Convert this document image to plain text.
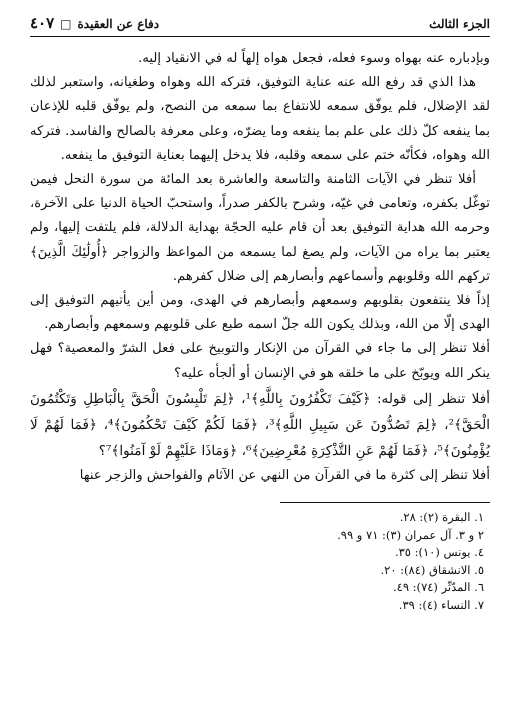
الجزء الثالث
دفاع عن العقيدة
□
٤٠٧

وبإدباره عنه بهواه وسوء فعله، فجعل هواه إلهاً له في الانقياد إليه.

هذا الذي قد رفع الله عنه عناية التوفيق، فتركه الله وهواه وطغيانه، واستعبر لذلك لقد الإضلال، فلم يوفّق سمعه للانتفاع بما سمعه من النصح، ولم يوفّق قلبه للإذعان بما ينفعه كلّ ذلك على علم بما ينفعه وما يضرّه، وعلى معرفة بالصالح والفاسد. فتركه الله وهواه، فكأنّه ختم على سمعه وقلبه، فلا يدخل إليهما بعناية التوفيق ما ينفعه.

أفلا تنظر في الآيات الثامنة والتاسعة والعاشرة بعد المائة من سورة النحل فيمن توغّل بكفره، وتعامى في غيّه، وشرح بالكفر صدراً، واستحبّ الحياة الدنيا على الآخرة، وحرمه الله هداية التوفيق بعد أن قام عليه الحجّة بهداية الدلالة، فلم يلتفت إليها، ولم يعتبر بما يراه من الآيات، ولم يصغ لما يسمعه من المواعظ والزواجر ﴿أُولَٰئِكَ الَّذِينَ﴾ تركهم الله وقلوبهم وأسماعهم وأبصارهم إلى ضلال كفرهم.

إذاً فلا ينتفعون بقلوبهم وسمعهم وأبصارهم في الهدى، ومن أين يأتيهم التوفيق إلى الهدى إلّا من الله، وبذلك يكون الله جلّ اسمه طبع على قلوبهم وسمعهم وأبصارهم.

أفلا تنظر إلى ما جاء في القرآن من الإنكار والتوبيخ على فعل الشرّ والمعصية؟ فهل ينكر الله ويوبّخ على ما خلقه هو في الإنسان أو ألجأه عليه؟

أفلا تنظر إلى قوله: ﴿كَيْفَ تَكْفُرُونَ بِاللَّهِ﴾¹، ﴿لِمَ تَلْبِسُونَ الْحَقَّ بِالْبَاطِلِ وَتَكْتُمُونَ الْحَقَّ﴾²، ﴿لِمَ تَصُدُّونَ عَن سَبِيلِ اللَّهِ﴾³، ﴿فَمَا لَكُمْ كَيْفَ تَحْكُمُونَ﴾⁴، ﴿فَمَا لَهُمْ لَا يُؤْمِنُونَ﴾⁵، ﴿فَمَا لَهُمْ عَنِ التَّذْكِرَةِ مُعْرِضِينَ﴾⁶، ﴿وَمَاذَا عَلَيْهِمْ لَوْ آمَنُوا﴾⁷؟

أفلا تنظر إلى كثرة ما في القرآن من النهي عن الآثام والفواحش والزجر عنها

١. البقرة (٢): ٢٨.
٢ و ٣. آل عمران (٣): ٧١ و ٩٩.
٤. يونس (١٠): ٣٥.
٥. الانشقاق (٨٤): ٢٠.
٦. المدّثّر (٧٤): ٤٩.
٧. النساء (٤): ٣٩.
